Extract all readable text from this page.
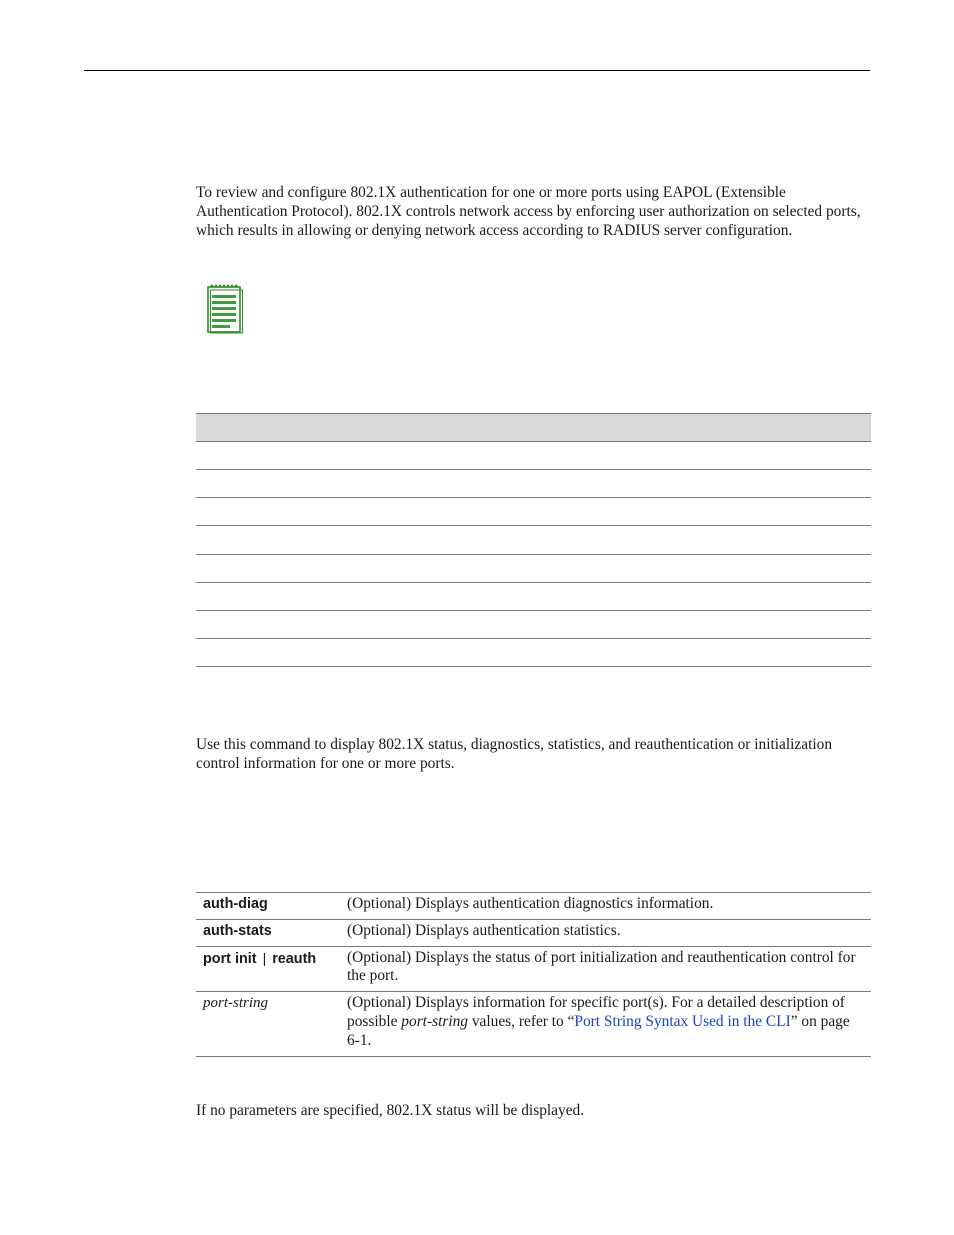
To review and configure 802.1X authentication for one or more ports using EAPOL (Extensible Authentication Protocol). 802.1X controls network access by enforcing user authorization on selected ports, which results in allowing or denying network access according to RADIUS server configuration.
Use this command to display 802.1X status, diagnostics, statistics, and reauthentication or initialization control information for one or more ports.
auth-diag	(Optional) Displays authentication diagnostics information.
auth-stats	(Optional) Displays authentication statistics.
port init | reauth	(Optional) Displays the status of port initialization and reauthentication control for the port.
port-string	(Optional) Displays information for specific port(s). For a detailed description of possible port-string values, refer to “Port String Syntax Used in the CLI” on page 6-1.
If no parameters are specified, 802.1X status will be displayed.
